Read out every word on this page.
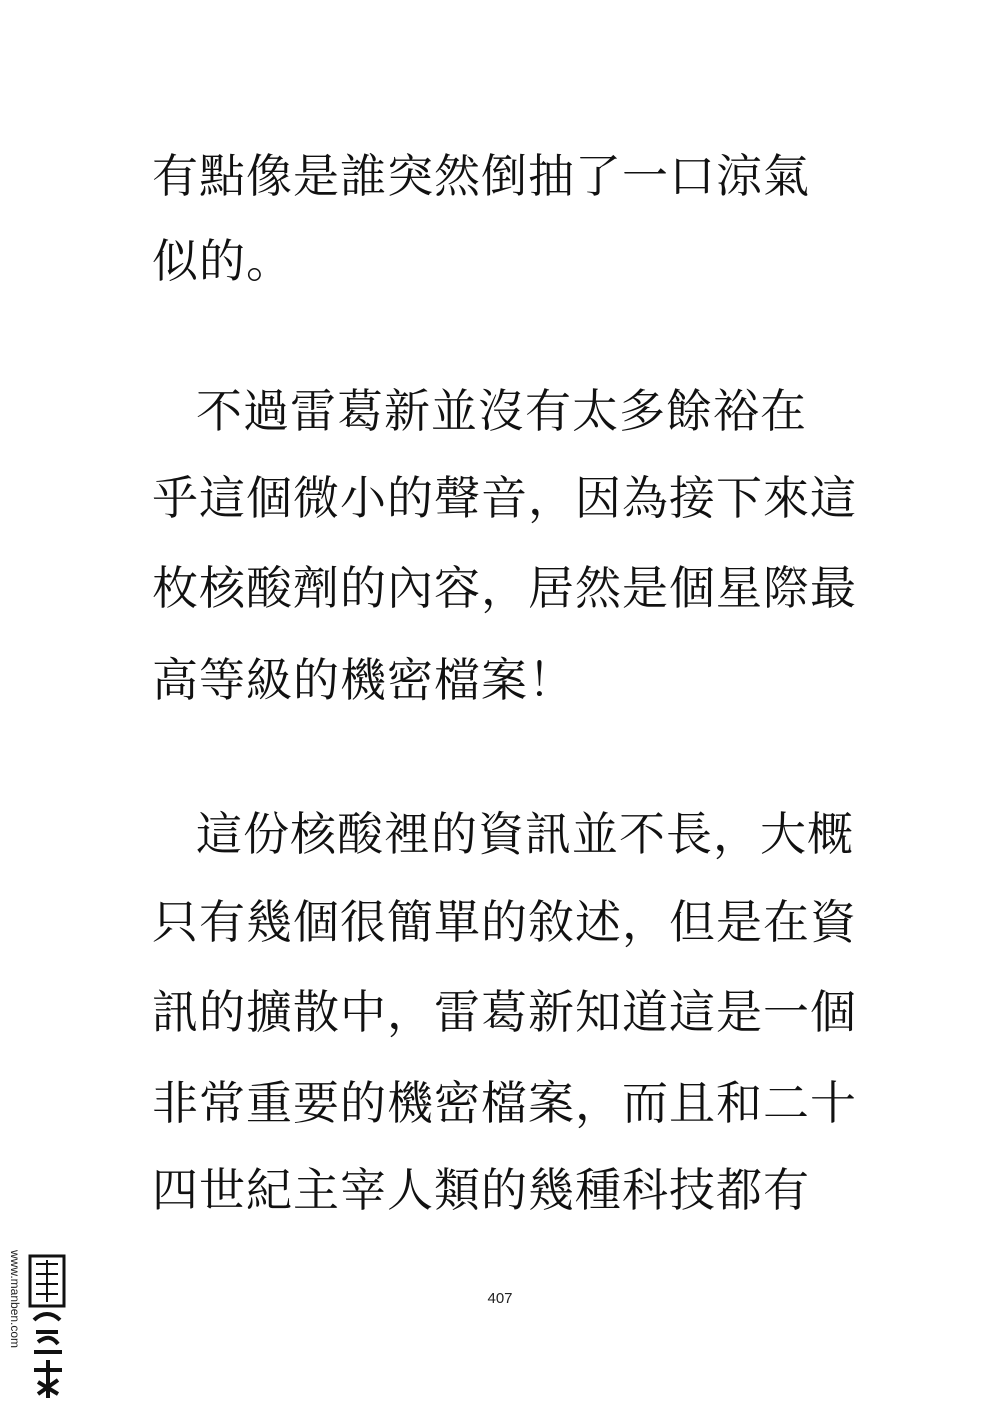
有點像是誰突然倒抽了一口涼氣
似的。
不過雷葛新並沒有太多餘裕在
乎這個微小的聲音，因為接下來這
枚核酸劑的內容，居然是個星際最
高等級的機密檔案！
這份核酸裡的資訊並不長，大概
只有幾個很簡單的敘述，但是在資
訊的擴散中，雷葛新知道這是一個
非常重要的機密檔案，而且和二十
四世紀主宰人類的幾種科技都有
407
www.manben.com
